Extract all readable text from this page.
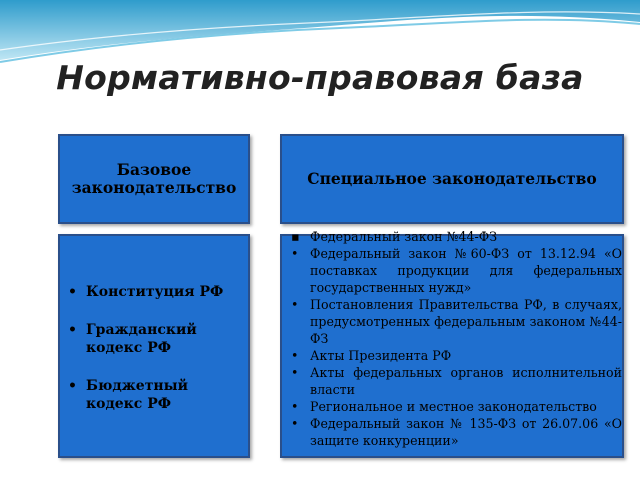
Нормативно-правовая база
Базовое законодательство	Специальное законодательство
• Конституция РФ
• Гражданский кодекс РФ
• Бюджетный кодекс РФ
▪ Федеральный закон №44-ФЗ
• Федеральный закон №60-ФЗ от 13.12.94 «О поставках продукции для федеральных государственных нужд»
• Постановления Правительства РФ, в случаях, предусмотренных федеральным законом №44-ФЗ
• Акты Президента РФ
• Акты федеральных органов исполнительной власти
• Региональное и местное законодательство
• Федеральный закон № 135-ФЗ от 26.07.06 «О защите конкуренции»
